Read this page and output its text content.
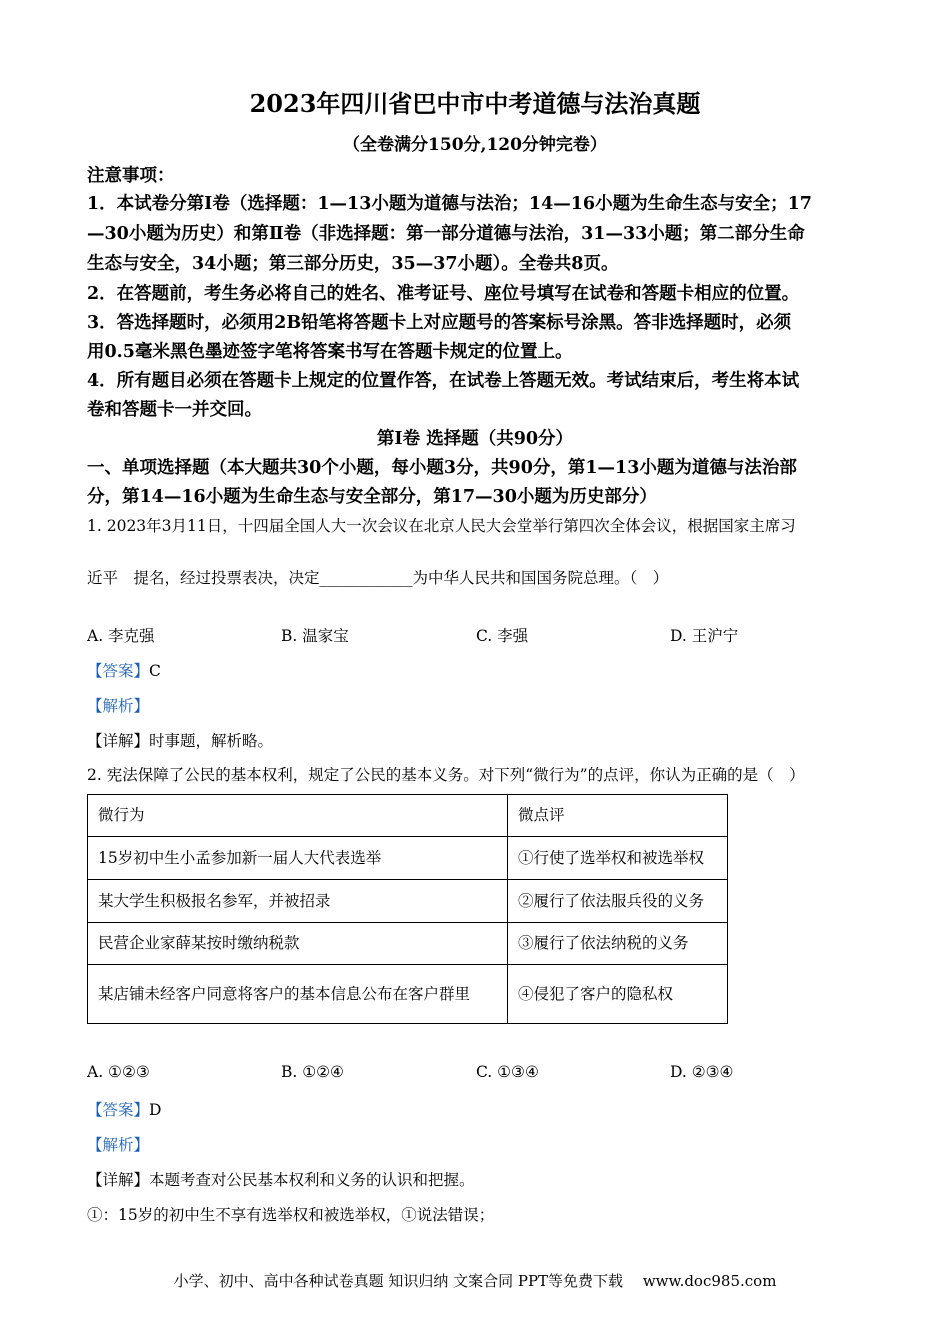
2023年四川省巴中市中考道德与法治真题
（全卷满分150分,120分钟完卷）
注意事项：
1．本试卷分第Ⅰ卷（选择题：1—13小题为道德与法治；14—16小题为生命生态与安全；17
—30小题为历史）和第Ⅱ卷（非选择题：第一部分道德与法治，31—33小题；第二部分生命
生态与安全，34小题；第三部分历史，35—37小题）。全卷共8页。
2．在答题前，考生务必将自己的姓名、准考证号、座位号填写在试卷和答题卡相应的位置。
3．答选择题时，必须用2B铅笔将答题卡上对应题号的答案标号涂黑。答非选择题时，必须
用0.5毫米黑色墨迹签字笔将答案书写在答题卡规定的位置上。
4．所有题目必须在答题卡上规定的位置作答，在试卷上答题无效。考试结束后，考生将本试
卷和答题卡一并交回。
第Ⅰ卷 选择题（共90分）
一、单项选择题（本大题共30个小题，每小题3分，共90分，第1—13小题为道德与法治部
分，第14—16小题为生命生态与安全部分，第17—30小题为历史部分）
1. 2023年3月11日，十四届全国人大一次会议在北京人民大会堂举行第四次全体会议，根据国家主席习
近平　提名，经过投票表决，决定____________为中华人民共和国国务院总理。（　）
A. 李克强	B. 温家宝	C. 李强	D. 王沪宁
【答案】C
【解析】
【详解】时事题，解析略。
2. 宪法保障了公民的基本权利，规定了公民的基本义务。对下列“微行为”的点评，你认为正确的是（　）
微行为	微点评
15岁初中生小孟参加新一届人大代表选举	①行使了选举权和被选举权
某大学生积极报名参军，并被招录	②履行了依法服兵役的义务
民营企业家薛某按时缴纳税款	③履行了依法纳税的义务
某店铺未经客户同意将客户的基本信息公布在客户群里	④侵犯了客户的隐私权
A. ①②③	B. ①②④	C. ①③④	D. ②③④
【答案】D
【解析】
【详解】本题考查对公民基本权利和义务的认识和把握。
①：15岁的初中生不享有选举权和被选举权，①说法错误；
小学、初中、高中各种试卷真题 知识归纳 文案合同 PPT等免费下载　 www.doc985.com
